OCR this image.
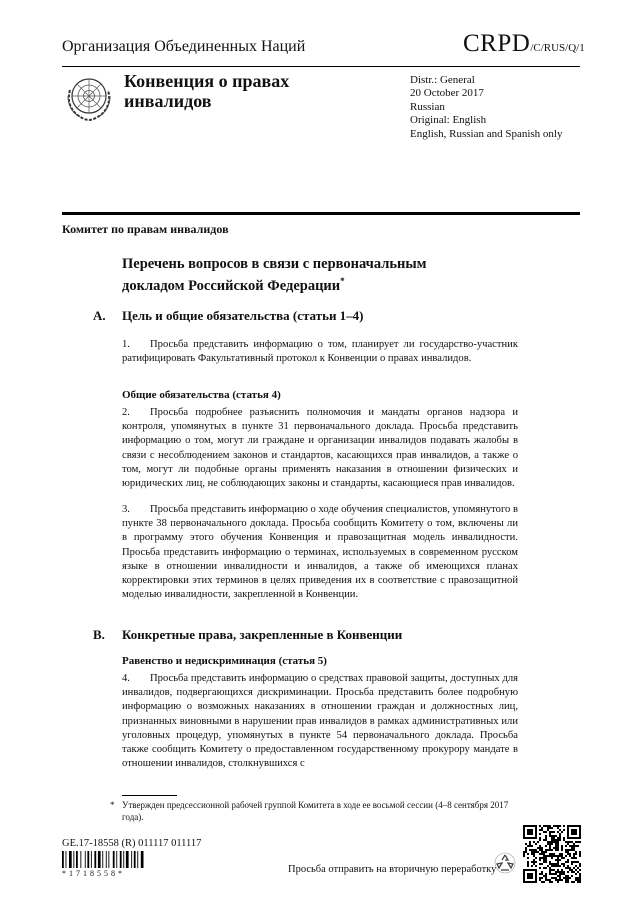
Организация Объединенных Наций	CRPD/C/RUS/Q/1
Конвенция о правах
инвалидов
Distr.: General
20 October 2017
Russian
Original: English
English, Russian and Spanish only
Комитет по правам инвалидов
Перечень вопросов в связи с первоначальным
докладом Российской Федерации*
A. Цель и общие обязательства (статьи 1–4)
1. Просьба представить информацию о том, планирует ли государство-участник ратифицировать Факультативный протокол к Конвенции о правах инвалидов.
Общие обязательства (статья 4)
2. Просьба подробнее разъяснить полномочия и мандаты органов надзора и контроля, упомянутых в пункте 31 первоначального доклада. Просьба представить информацию о том, могут ли граждане и организации инвалидов подавать жалобы в связи с несоблюдением законов и стандартов, касающихся прав инвалидов, а также о том, могут ли подобные органы применять наказания в отношении физических и юридических лиц, не соблюдающих законы и стандарты, касающиеся прав инвалидов.
3. Просьба представить информацию о ходе обучения специалистов, упомянутого в пункте 38 первоначального доклада. Просьба сообщить Комитету о том, включены ли в программу этого обучения Конвенция и правозащитная модель инвалидности. Просьба представить информацию о терминах, используемых в современном русском языке в отношении инвалидности и инвалидов, а также об имеющихся планах корректировки этих терминов в целях приведения их в соответствие с правозащитной моделью инвалидности, закрепленной в Конвенции.
B. Конкретные права, закрепленные в Конвенции
Равенство и недискриминация (статья 5)
4. Просьба представить информацию о средствах правовой защиты, доступных для инвалидов, подвергающихся дискриминации. Просьба представить более подробную информацию о возможных наказаниях в отношении граждан и должностных лиц, признанных виновными в нарушении прав инвалидов в рамках административных или уголовных процедур, упомянутых в пункте 54 первоначального доклада. Просьба также сообщить Комитету о предоставленном государственному прокурору мандате в отношении инвалидов, столкнувшихся с
* Утвержден предсессионной рабочей группой Комитета в ходе ее восьмой сессии (4–8 сентября 2017 года).
GE.17-18558 (R) 011117 011117
*1718558*	Просьба отправить на вторичную переработку
